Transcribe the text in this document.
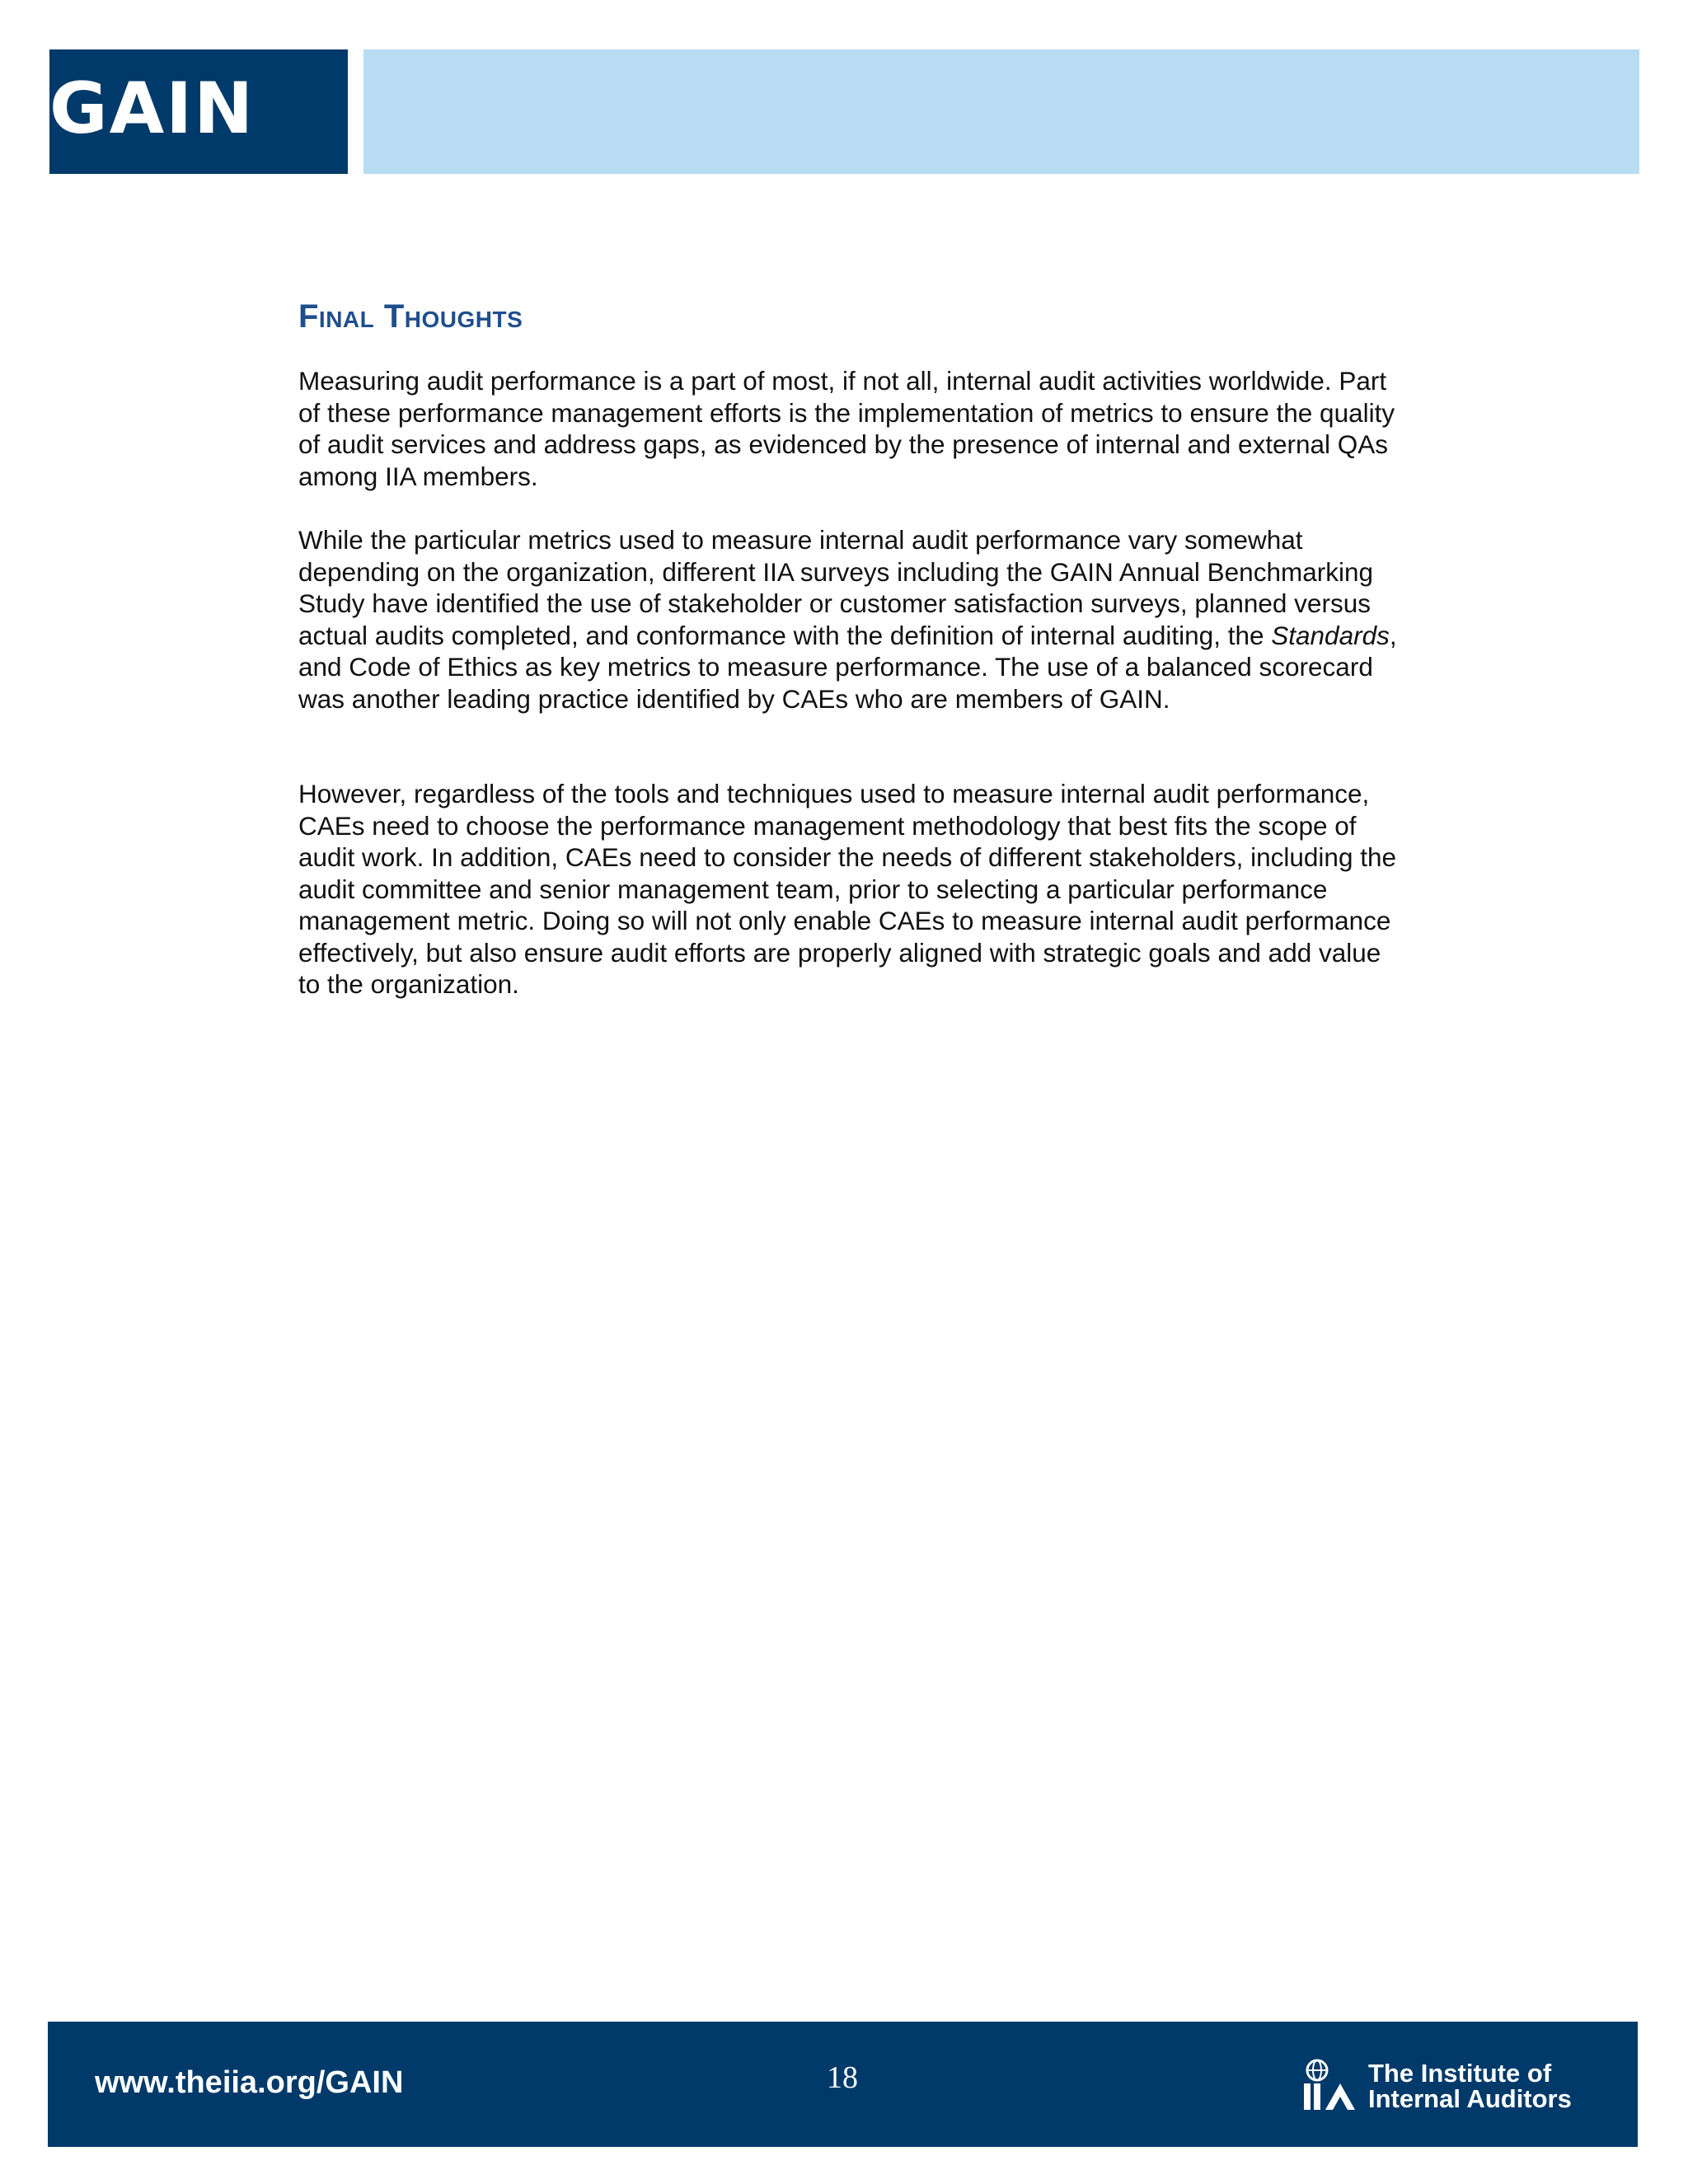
GAIN
Final Thoughts

Measuring audit performance is a part of most, if not all, internal audit activities worldwide. Part of these performance management efforts is the implementation of metrics to ensure the quality of audit services and address gaps, as evidenced by the presence of internal and external QAs among IIA members.

While the particular metrics used to measure internal audit performance vary somewhat depending on the organization, different IIA surveys including the GAIN Annual Benchmarking Study have identified the use of stakeholder or customer satisfaction surveys, planned versus actual audits completed, and conformance with the definition of internal auditing, the Standards, and Code of Ethics as key metrics to measure performance. The use of a balanced scorecard was another leading practice identified by CAEs who are members of GAIN.

However, regardless of the tools and techniques used to measure internal audit performance, CAEs need to choose the performance management methodology that best fits the scope of audit work. In addition, CAEs need to consider the needs of different stakeholders, including the audit committee and senior management team, prior to selecting a particular performance management metric. Doing so will not only enable CAEs to measure internal audit performance effectively, but also ensure audit efforts are properly aligned with strategic goals and add value to the organization.

www.theiia.org/GAIN	18	The Institute of
Internal Auditors
